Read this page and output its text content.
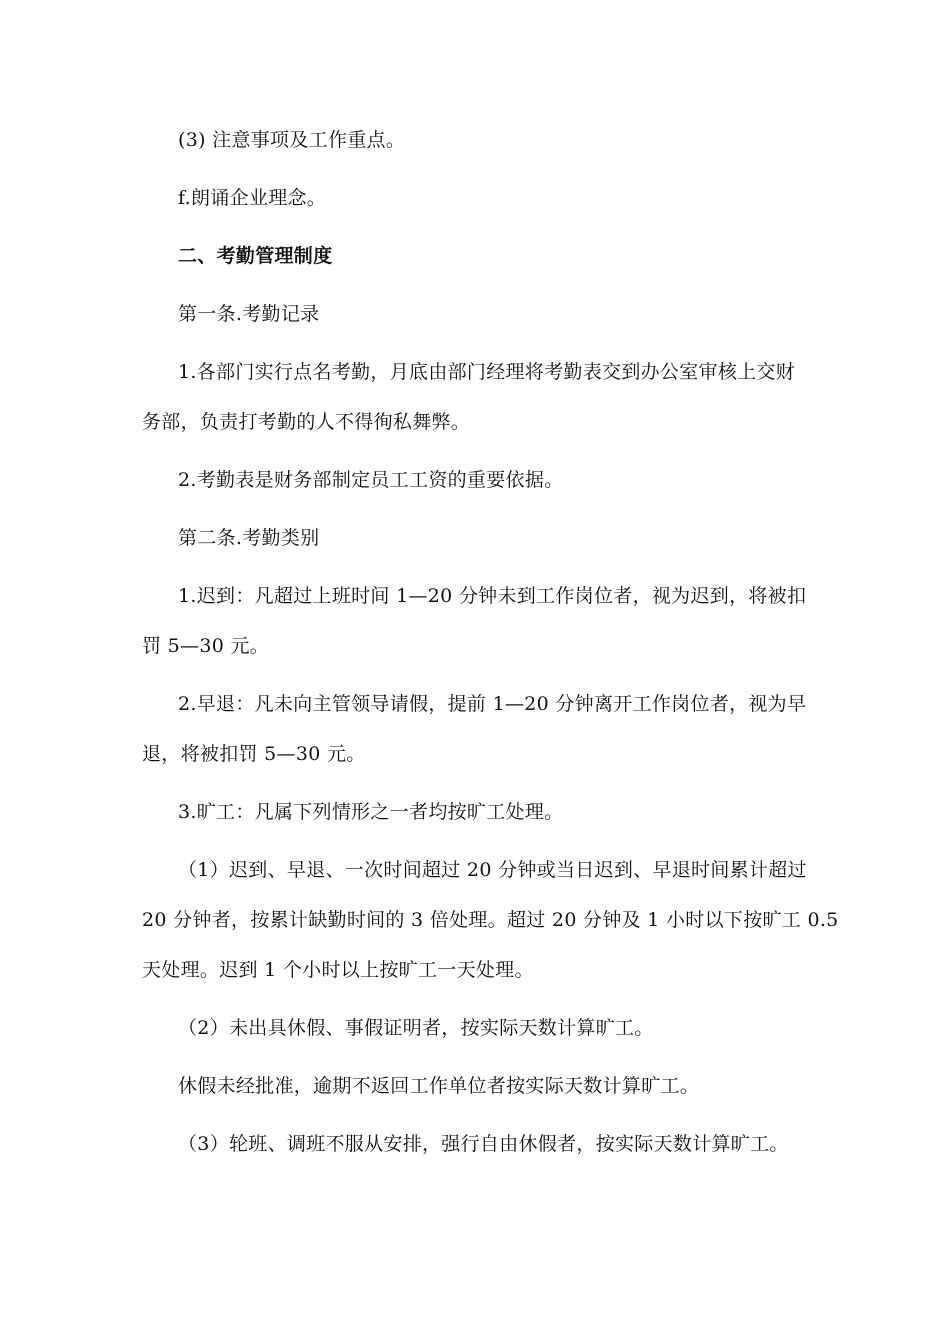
(3) 注意事项及工作重点。
f.朗诵企业理念。
二、考勤管理制度
第一条.考勤记录
1.各部门实行点名考勤，月底由部门经理将考勤表交到办公室审核上交财
务部，负责打考勤的人不得徇私舞弊。
2.考勤表是财务部制定员工工资的重要依据。
第二条.考勤类别
1.迟到：凡超过上班时间 1—20 分钟未到工作岗位者，视为迟到，将被扣
罚 5—30 元。
2.早退：凡未向主管领导请假，提前 1—20 分钟离开工作岗位者，视为早
退，将被扣罚 5—30 元。
3.旷工：凡属下列情形之一者均按旷工处理。
（1）迟到、早退、一次时间超过 20 分钟或当日迟到、早退时间累计超过
20 分钟者，按累计缺勤时间的 3 倍处理。超过 20 分钟及 1 小时以下按旷工 0.5
天处理。迟到 1 个小时以上按旷工一天处理。
（2）未出具休假、事假证明者，按实际天数计算旷工。
休假未经批准，逾期不返回工作单位者按实际天数计算旷工。
（3）轮班、调班不服从安排，强行自由休假者，按实际天数计算旷工。
